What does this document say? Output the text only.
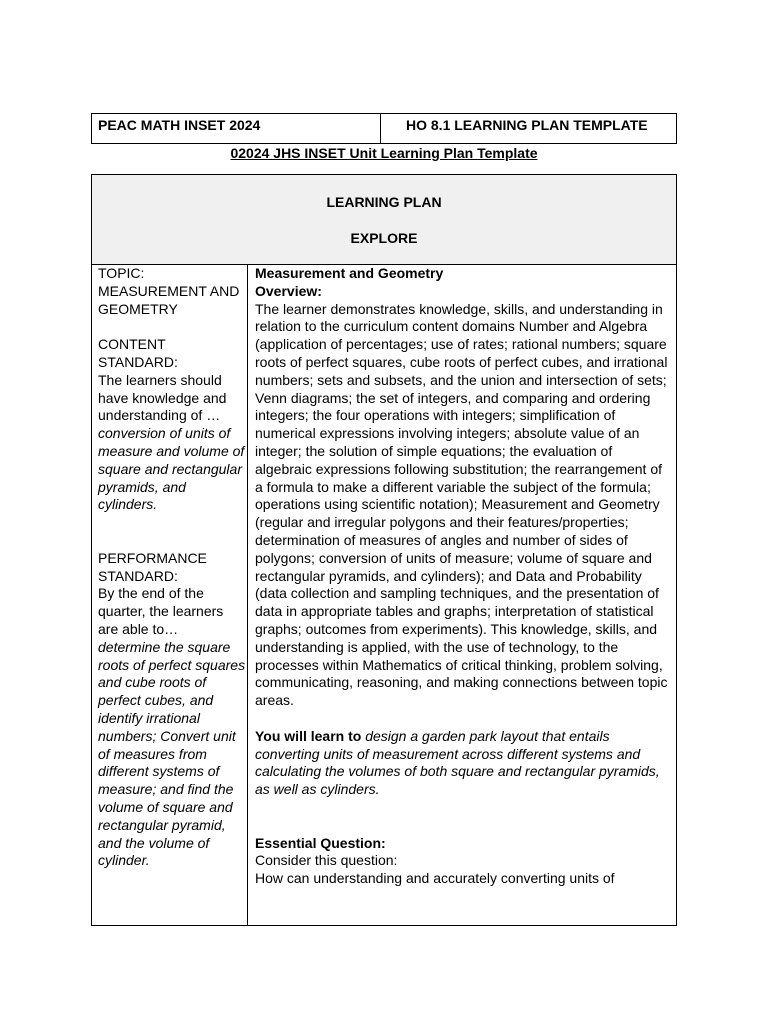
PEAC MATH INSET 2024	HO 8.1 LEARNING PLAN TEMPLATE
02024 JHS INSET Unit Learning Plan Template
LEARNING PLAN
EXPLORE

TOPIC: MEASUREMENT AND GEOMETRY

CONTENT STANDARD:

The learners should have knowledge and understanding of …

conversion of units of measure and volume of square and rectangular pyramids, and cylinders.

PERFORMANCE STANDARD:

By the end of the quarter, the learners are able to…

determine the square roots of perfect squares and cube roots of perfect cubes, and identify irrational numbers; Convert unit of measures from different systems of measure; and find the volume of square and rectangular pyramid, and the volume of cylinder.

Measurement and Geometry

Overview:

The learner demonstrates knowledge, skills, and understanding in relation to the curriculum content domains Number and Algebra (application of percentages; use of rates; rational numbers; square roots of perfect squares, cube roots of perfect cubes, and irrational numbers; sets and subsets, and the union and intersection of sets; Venn diagrams; the set of integers, and comparing and ordering integers; the four operations with integers; simplification of numerical expressions involving integers; absolute value of an integer; the solution of simple equations; the evaluation of algebraic expressions following substitution; the rearrangement of a formula to make a different variable the subject of the formula; operations using scientific notation); Measurement and Geometry (regular and irregular polygons and their features/properties; determination of measures of angles and number of sides of polygons; conversion of units of measure; volume of square and rectangular pyramids, and cylinders); and Data and Probability (data collection and sampling techniques, and the presentation of data in appropriate tables and graphs; interpretation of statistical graphs; outcomes from experiments). This knowledge, skills, and understanding is applied, with the use of technology, to the processes within Mathematics of critical thinking, problem solving, communicating, reasoning, and making connections between topic areas.

You will learn to design a garden park layout that entails converting units of measurement across different systems and calculating the volumes of both square and rectangular pyramids, as well as cylinders.

Essential Question:

Consider this question:

How can understanding and accurately converting units of
